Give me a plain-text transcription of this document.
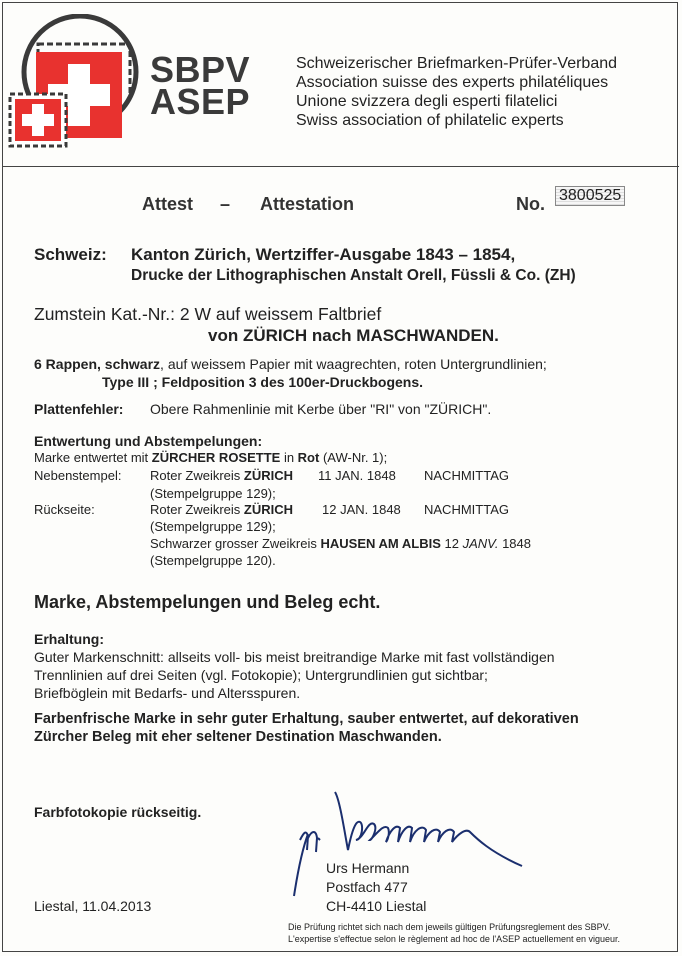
SBPV
ASEP
Schweizerischer Briefmarken-Prüfer-Verband
Association suisse des experts philatéliques
Unione svizzera degli esperti filatelici
Swiss association of philatelic experts
Attest – Attestation	No. 3800525
Schweiz: Kanton Zürich, Wertziffer-Ausgabe 1843 – 1854,
Drucke der Lithographischen Anstalt Orell, Füssli & Co. (ZH)
Zumstein Kat.-Nr.: 2 W auf weissem Faltbrief
von ZÜRICH nach MASCHWANDEN.
6 Rappen, schwarz, auf weissem Papier mit waagrechten, roten Untergrundlinien;
Type III ; Feldposition 3 des 100er-Druckbogens.
Plattenfehler: Obere Rahmenlinie mit Kerbe über "RI" von "ZÜRICH".
Entwertung und Abstempelungen:
Marke entwertet mit ZÜRCHER ROSETTE in Rot (AW-Nr. 1);
Nebenstempel: Roter Zweikreis ZÜRICH 11 JAN. 1848 NACHMITTAG
(Stempelgruppe 129);
Rückseite:	Roter Zweikreis ZÜRICH 12 JAN. 1848 NACHMITTAG
(Stempelgruppe 129);
Schwarzer grosser Zweikreis HAUSEN AM ALBIS 12 JANV. 1848
(Stempelgruppe 120).
Marke, Abstempelungen und Beleg echt.
Erhaltung:
Guter Markenschnitt: allseits voll- bis meist breitrandige Marke mit fast vollständigen
Trennlinien auf drei Seiten (vgl. Fotokopie); Untergrundlinien gut sichtbar;
Briefböglein mit Bedarfs- und Altersspuren.
Farbenfrische Marke in sehr guter Erhaltung, sauber entwertet, auf dekorativen
Zürcher Beleg mit eher seltener Destination Maschwanden.
Farbfotokopie rückseitig.
Urs Hermann
Postfach 477
CH-4410 Liestal
Liestal, 11.04.2013
Die Prüfung richtet sich nach dem jeweils gültigen Prüfungsreglement des SBPV.
L'expertise s'effectue selon le règlement ad hoc de l'ASEP actuellement en vigueur.
